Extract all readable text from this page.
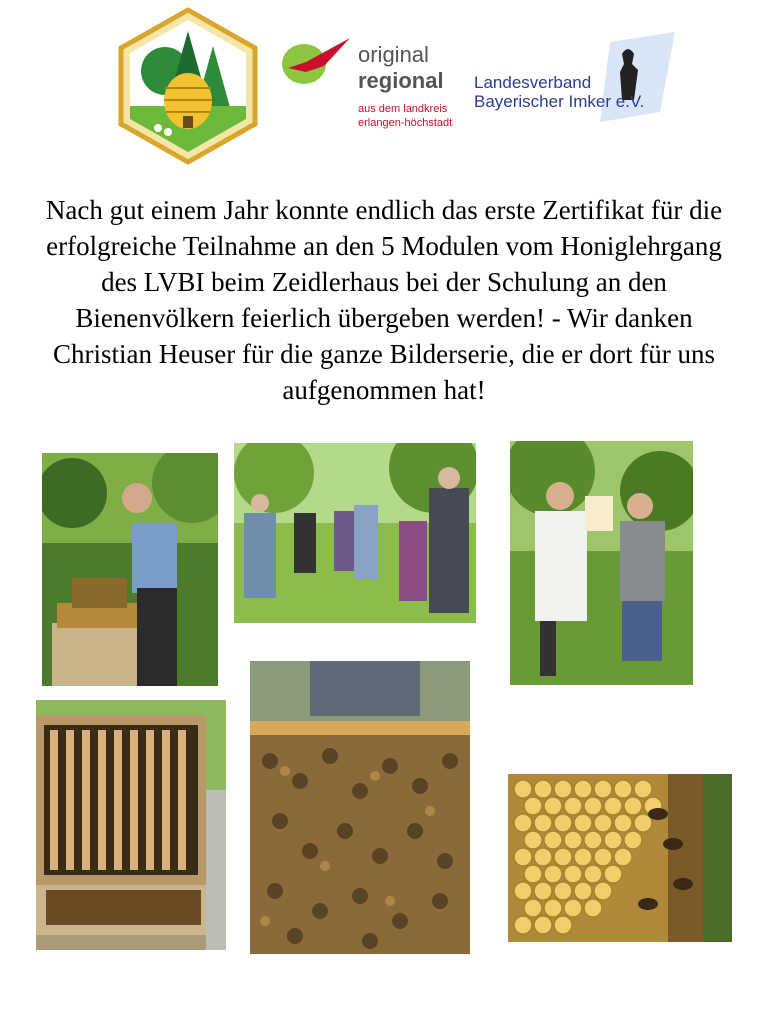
original
regional
aus dem landkreis
erlangen-höchstadt
Landesverband
Bayerischer Imker e.V.
Nach gut einem Jahr konnte endlich das erste Zertifikat für die erfolgreiche Teilnahme an den 5 Modulen vom Honiglehrgang des LVBI beim Zeidlerhaus bei der Schulung an den Bienenvölkern feierlich übergeben werden! - Wir danken Christian Heuser für die ganze Bilderserie, die er dort für uns aufgenommen hat!
